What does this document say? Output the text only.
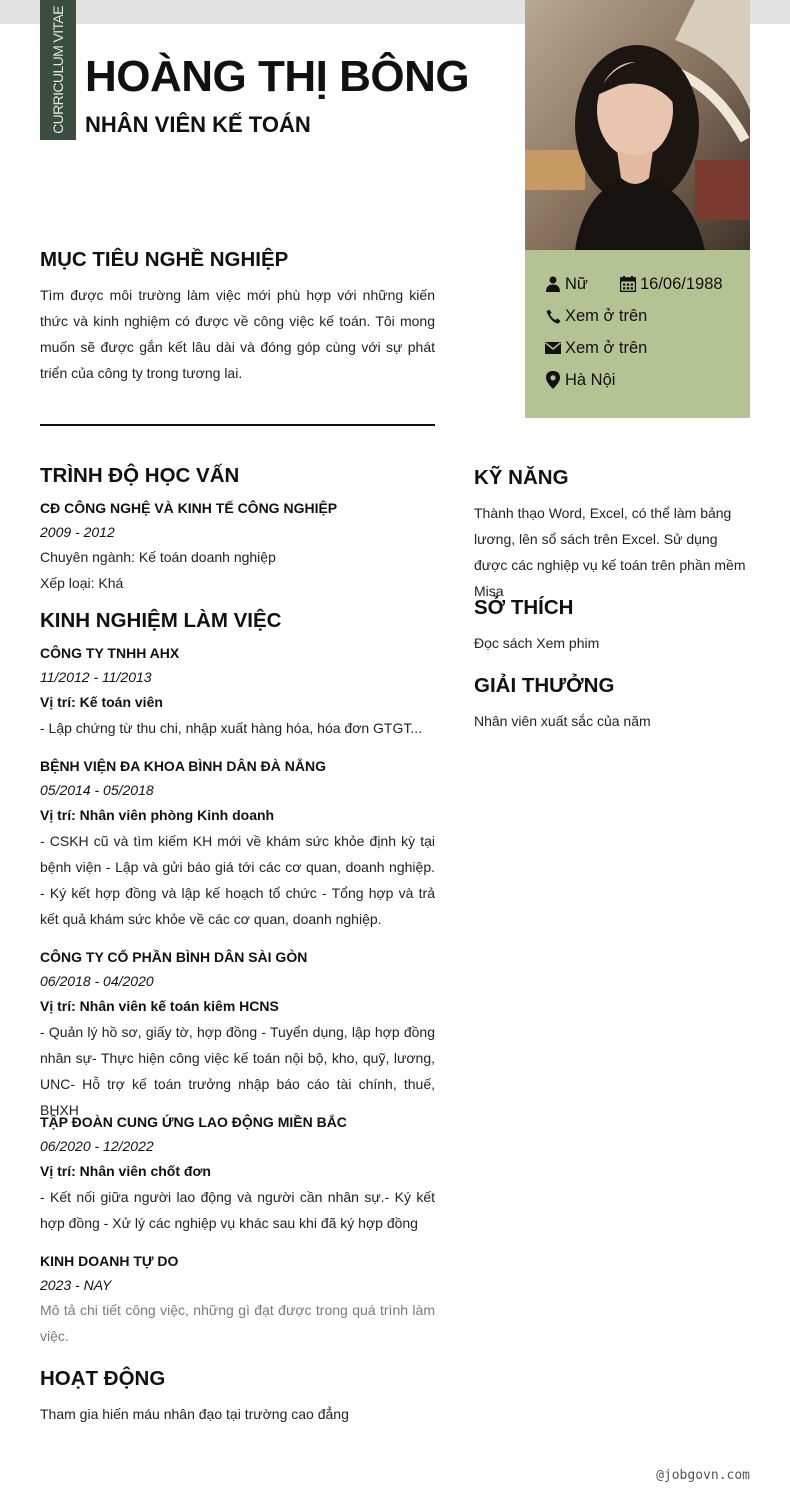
CURRICULUM VITAE HOÀNG THỊ BÔNG
NHÂN VIÊN KẾ TOÁN
Nữ	16/06/1988
Xem ở trên
Xem ở trên
Hà Nội
MỤC TIÊU NGHỀ NGHIỆP
Tìm được môi trường làm việc mới phù hợp với những kiến thức và kinh nghiệm có được về công việc kế toán. Tôi mong muốn sẽ được gắn kết lâu dài và đóng góp cùng với sự phát triển của công ty trong tương lai.
TRÌNH ĐỘ HỌC VẤN
CĐ CÔNG NGHỆ VÀ KINH TẾ CÔNG NGHIỆP
2009 - 2012
Chuyên ngành: Kế toán doanh nghiệp
Xếp loại: Khá
KINH NGHIỆM LÀM VIỆC
CÔNG TY TNHH AHX
11/2012 - 11/2013
Vị trí: Kế toán viên
- Lập chứng từ thu chi, nhập xuất hàng hóa, hóa đơn GTGT...
BỆNH VIỆN ĐA KHOA BÌNH DÂN ĐÀ NẴNG
05/2014 - 05/2018
Vị trí: Nhân viên phòng Kinh doanh
- CSKH cũ và tìm kiếm KH mới về khám sức khỏe định kỳ tại bệnh viện - Lập và gửi báo giá tới các cơ quan, doanh nghiệp. - Ký kết hợp đồng và lập kế hoạch tổ chức - Tổng hợp và trả kết quả khám sức khỏe về các cơ quan, doanh nghiệp.
CÔNG TY CỔ PHẦN BÌNH DÂN SÀI GÒN
06/2018 - 04/2020
Vị trí: Nhân viên kế toán kiêm HCNS
- Quản lý hồ sơ, giấy tờ, hợp đồng - Tuyển dụng, lập hợp đồng nhân sự- Thực hiện công việc kế toán nội bộ, kho, quỹ, lương, UNC- Hỗ trợ kế toán trưởng nhập báo cáo tài chính, thuế, BHXH
TẬP ĐOÀN CUNG ỨNG LAO ĐỘNG MIỀN BẮC
06/2020 - 12/2022
Vị trí: Nhân viên chốt đơn
- Kết nối giữa người lao động và người cần nhân sự.- Ký kết hợp đồng - Xử lý các nghiệp vụ khác sau khi đã ký hợp đồng
KINH DOANH TỰ DO
2023 - NAY
Mô tả chi tiết công việc, những gì đạt được trong quá trình làm việc.
HOẠT ĐỘNG
Tham gia hiến máu nhân đạo tại trường cao đẳng
KỸ NĂNG
Thành thạo Word, Excel, có thể làm bảng lương, lên sổ sách trên Excel. Sử dụng được các nghiệp vụ kế toán trên phần mềm Misa
SỞ THÍCH
Đọc sách Xem phim
GIẢI THƯỞNG
Nhân viên xuất sắc của năm
@jobgovn.com
